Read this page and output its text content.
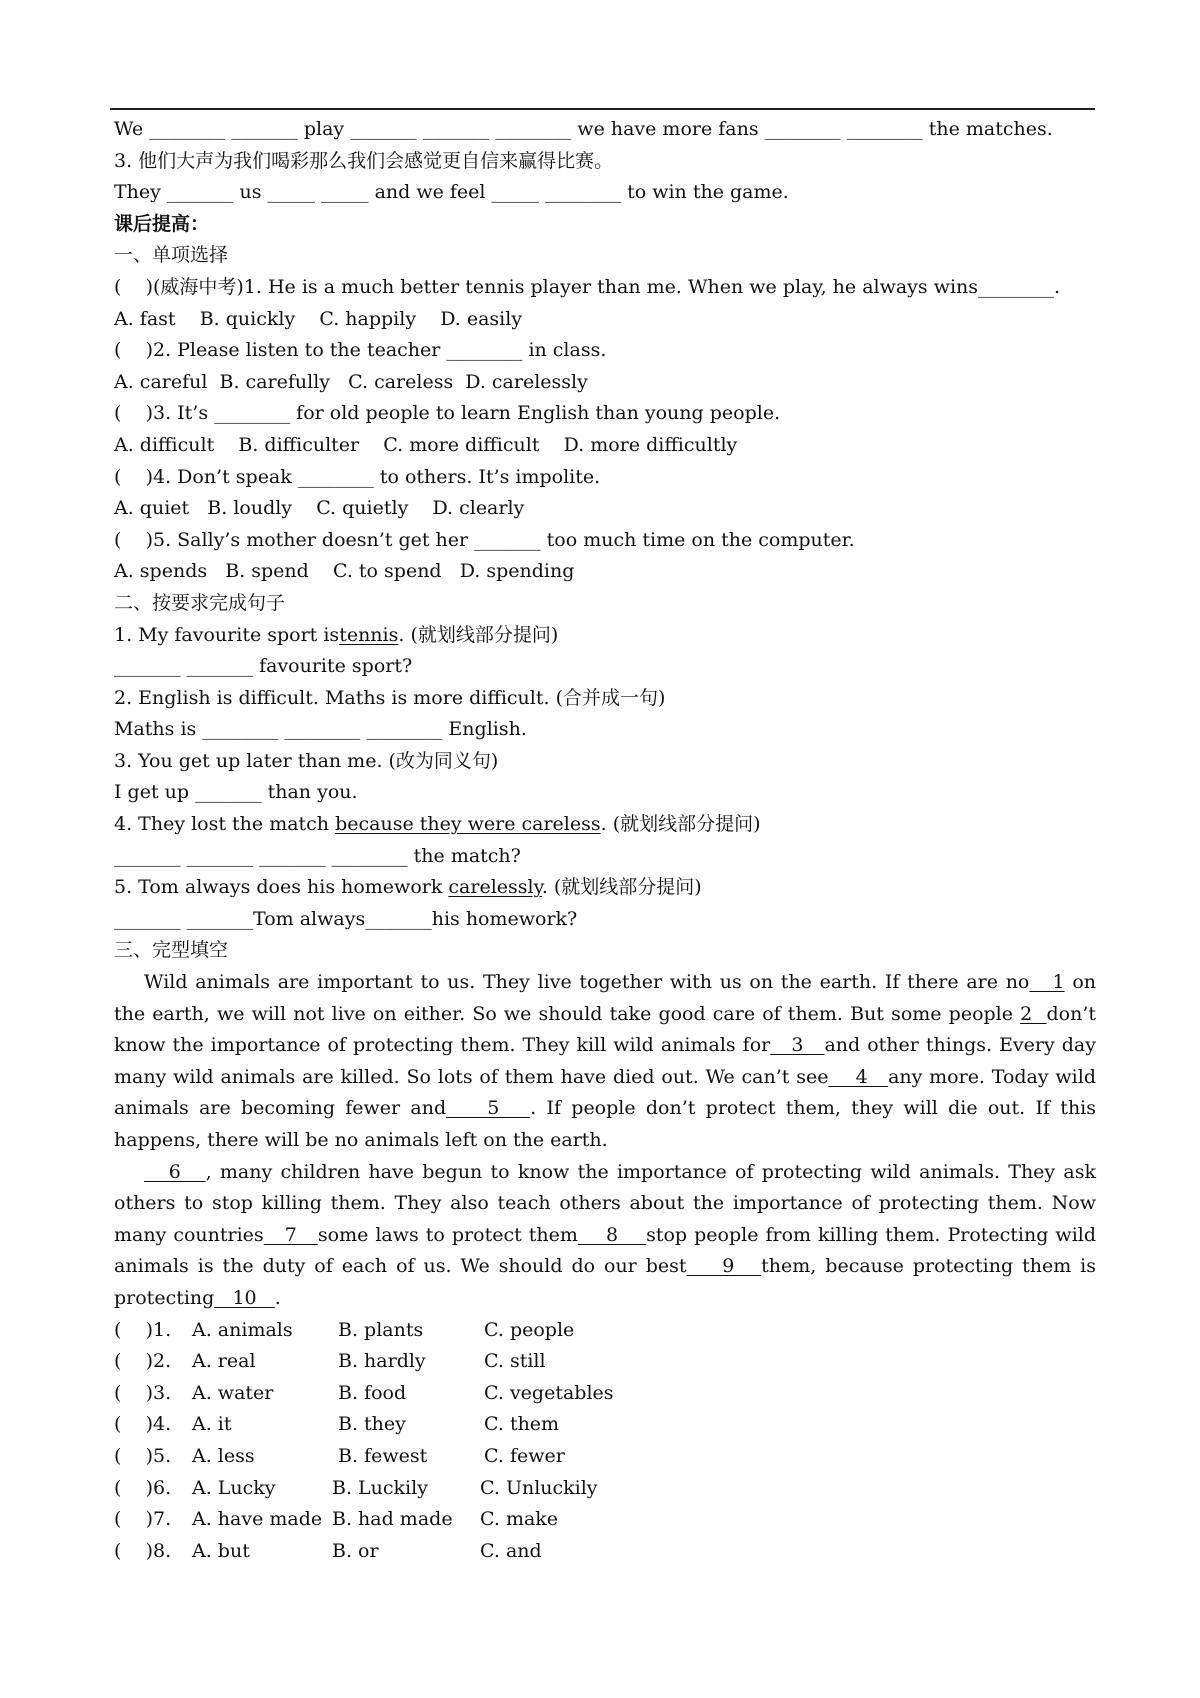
We ________ _______ play _______ _______ ________ we have more fans ________ ________ the matches.
3. 他们大声为我们喝彩那么我们会感觉更自信来赢得比赛。
They _______ us _____ _____ and we feel _____ ________ to win the game.
课后提高：
一、单项选择
(    )(威海中考)1. He is a much better tennis player than me. When we play, he always wins________.
A. fast    B. quickly    C. happily    D. easily
(    )2. Please listen to the teacher ________ in class.
A. careful  B. carefully   C. careless  D. carelessly
(    )3. It’s ________ for old people to learn English than young people.
A. difficult    B. difficulter    C. more difficult    D. more difficultly
(    )4. Don’t speak ________ to others. It’s impolite.
A. quiet   B. loudly    C. quietly    D. clearly
(    )5. Sally’s mother doesn’t get her _______ too much time on the computer.
A. spends   B. spend    C. to spend   D. spending
二、按要求完成句子
1. My favourite sport istennis. (就划线部分提问)
_______ _______ favourite sport?
2. English is difficult. Maths is more difficult. (合并成一句)
Maths is ________ ________ ________ English.
3. You get up later than me. (改为同义句)
I get up _______ than you.
4. They lost the match because they were careless. (就划线部分提问)
_______ _______ _______ ________ the match?
5. Tom always does his homework carelessly. (就划线部分提问)
_______ _______Tom always_______his homework?
三、完型填空
Wild animals are important to us. They live together with us on the earth. If there are no   1 on the earth, we will not live on either. So we should take good care of them. But some people 2  don’t know the importance of protecting them. They kill wild animals for   3   and other things. Every day many wild animals are killed. So lots of them have died out. We can’t see    4   any more. Today wild animals are becoming fewer and    5   . If people don’t protect them, they will die out. If this happens, there will be no animals left on the earth.
6   , many children have begun to know the importance of protecting wild animals. They ask others to stop killing them. They also teach others about the importance of protecting them. Now many countries   7   some laws to protect them    8    stop people from killing them. Protecting wild animals is the duty of each of us. We should do our best    9   them, because protecting them is protecting   10   .
(    )1. A. animals B. plants	C. people
(    )2. A. real	B. hardly	C. still
(    )3. A. water	B. food	C. vegetables
(    )4. A. it	B. they	C. them
(    )5. A. less	B. fewest	C. fewer
(    )6. A. Lucky	B. Luckily	C. Unluckily
(    )7. A. have made B. had made C. make
(    )8. A. but	B. or	C. and
